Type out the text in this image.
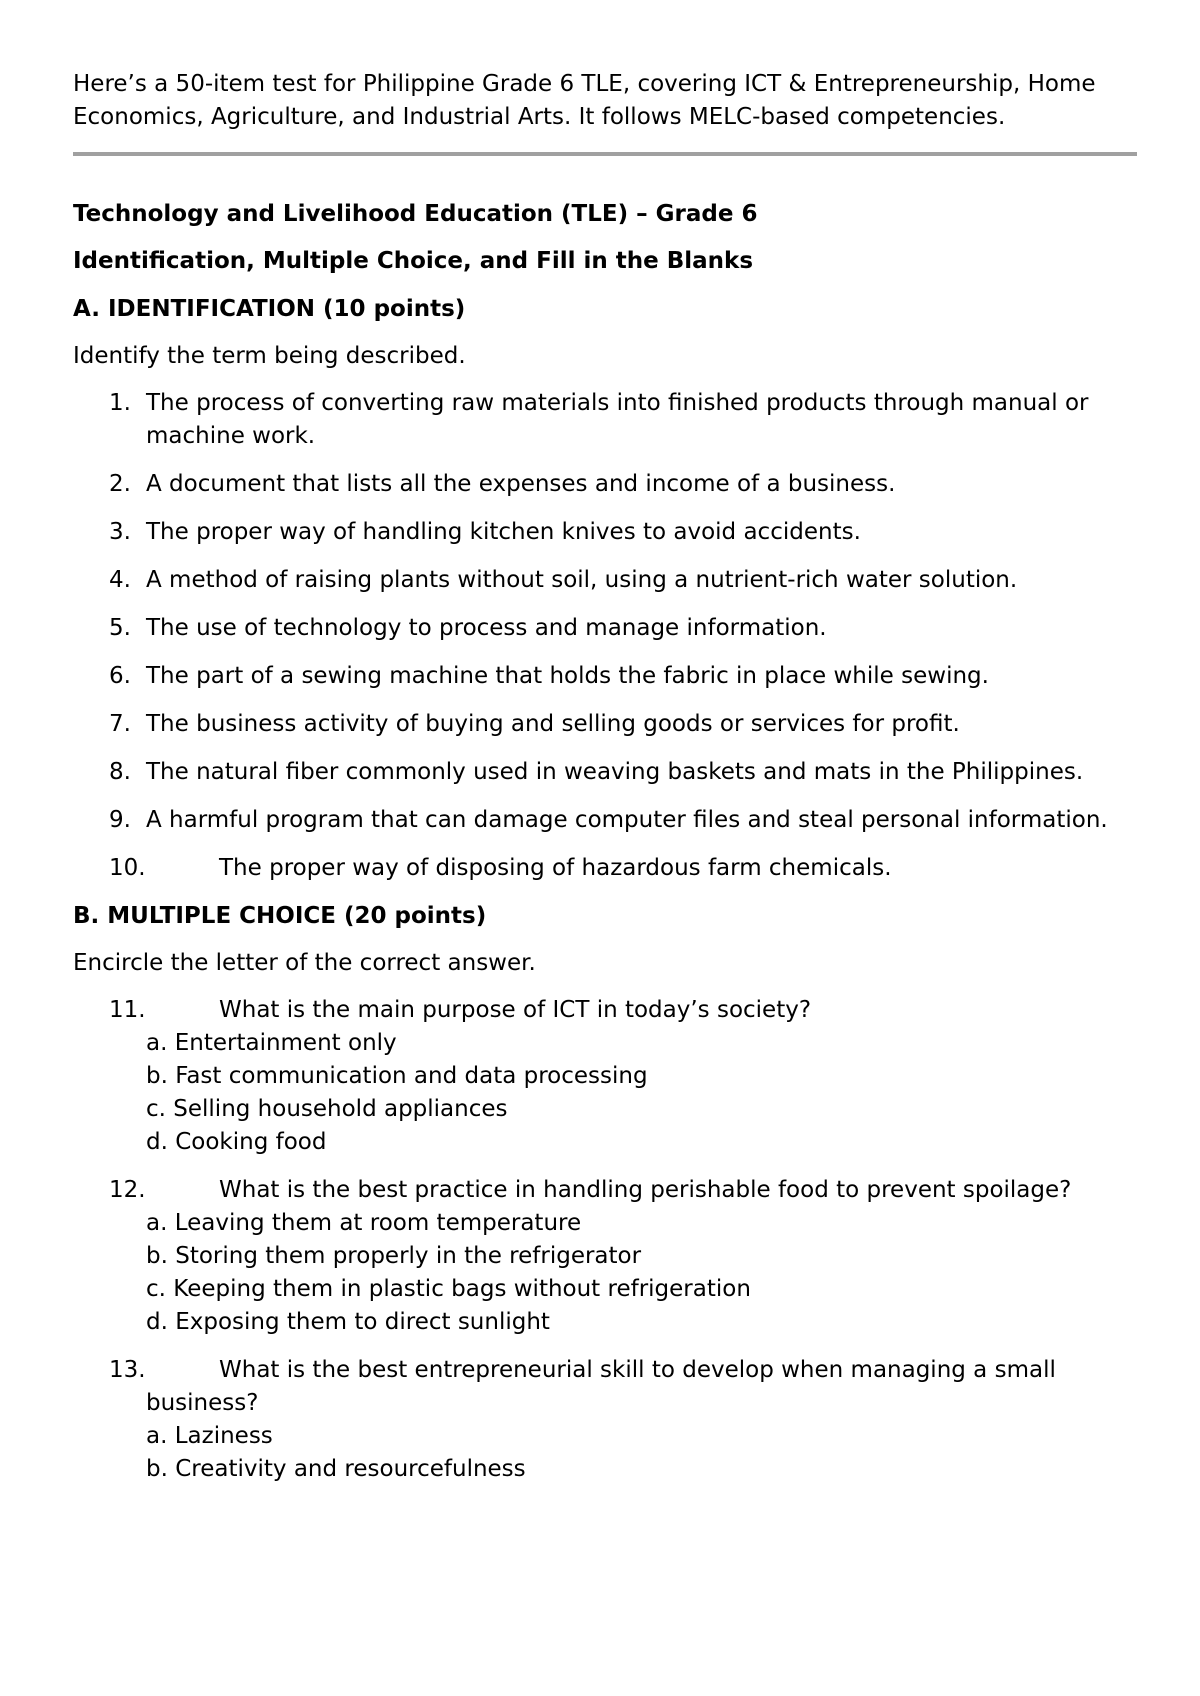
Here’s a 50-item test for Philippine Grade 6 TLE, covering ICT & Entrepreneurship, Home Economics, Agriculture, and Industrial Arts. It follows MELC-based competencies.

Technology and Livelihood Education (TLE) – Grade 6

Identification, Multiple Choice, and Fill in the Blanks

A. IDENTIFICATION (10 points)

Identify the term being described.

1. The process of converting raw materials into finished products through manual or machine work.
2. A document that lists all the expenses and income of a business.
3. The proper way of handling kitchen knives to avoid accidents.
4. A method of raising plants without soil, using a nutrient-rich water solution.
5. The use of technology to process and manage information.
6. The part of a sewing machine that holds the fabric in place while sewing.
7. The business activity of buying and selling goods or services for profit.
8. The natural fiber commonly used in weaving baskets and mats in the Philippines.
9. A harmful program that can damage computer files and steal personal information.
10.	The proper way of disposing of hazardous farm chemicals.

B. MULTIPLE CHOICE (20 points)

Encircle the letter of the correct answer.

11.	What is the main purpose of ICT in today’s society?
a. Entertainment only
b. Fast communication and data processing
c. Selling household appliances
d. Cooking food
12.	What is the best practice in handling perishable food to prevent spoilage?
a. Leaving them at room temperature
b. Storing them properly in the refrigerator
c. Keeping them in plastic bags without refrigeration
d. Exposing them to direct sunlight
13.	What is the best entrepreneurial skill to develop when managing a small
business?
a. Laziness
b. Creativity and resourcefulness
